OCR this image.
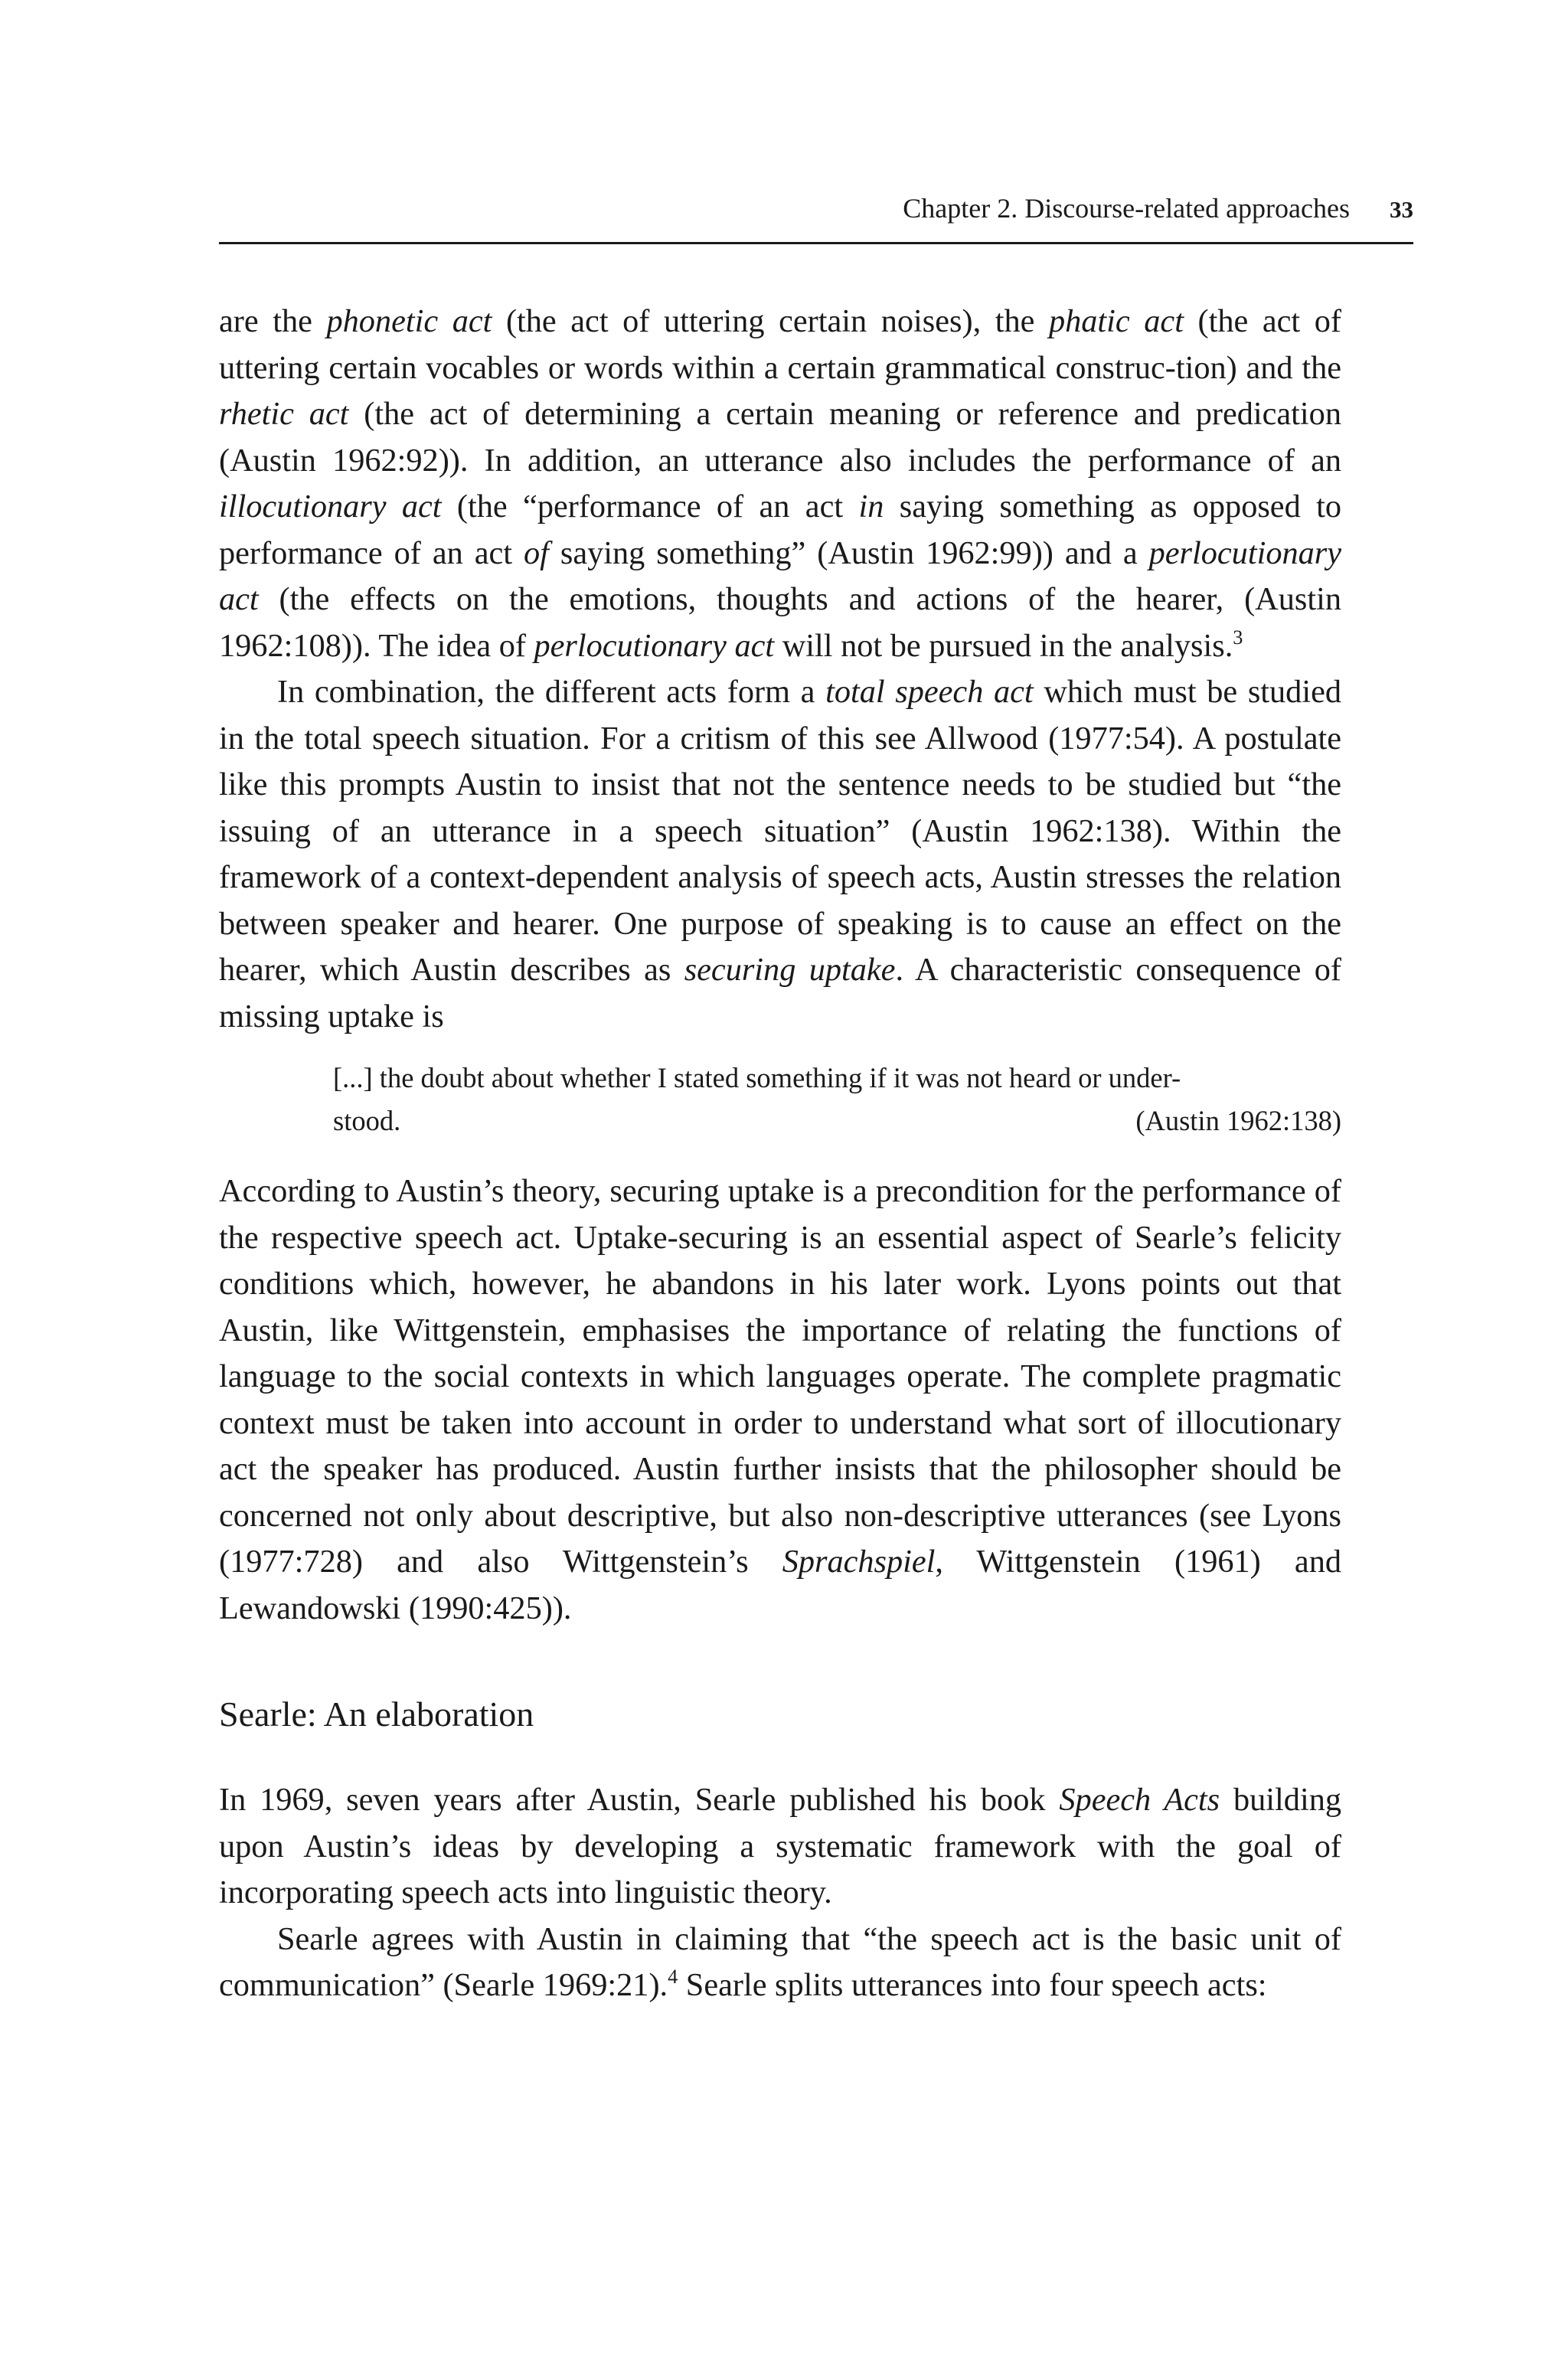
Chapter 2. Discourse-related approaches 33

are the phonetic act (the act of uttering certain noises), the phatic act (the act of uttering certain vocables or words within a certain grammatical construc-tion) and the rhetic act (the act of determining a certain meaning or reference and predication (Austin 1962:92)). In addition, an utterance also includes the performance of an illocutionary act (the “performance of an act in saying something as opposed to performance of an act of saying something” (Austin 1962:99)) and a perlocutionary act (the effects on the emotions, thoughts and actions of the hearer, (Austin 1962:108)). The idea of perlocutionary act will not be pursued in the analysis.$^3$

In combination, the different acts form a total speech act which must be studied in the total speech situation. For a critism of this see Allwood (1977:54). A postulate like this prompts Austin to insist that not the sentence needs to be studied but “the issuing of an utterance in a speech situation” (Austin 1962:138). Within the framework of a context-dependent analysis of speech acts, Austin stresses the relation between speaker and hearer. One purpose of speaking is to cause an effect on the hearer, which Austin describes as securing uptake. A characteristic consequence of missing uptake is

[...] the doubt about whether I stated something if it was not heard or under-
stood.	(Austin 1962:138)

According to Austin’s theory, securing uptake is a precondition for the performance of the respective speech act. Uptake-securing is an essential aspect of Searle’s felicity conditions which, however, he abandons in his later work. Lyons points out that Austin, like Wittgenstein, emphasises the importance of relating the functions of language to the social contexts in which languages operate. The complete pragmatic context must be taken into account in order to understand what sort of illocutionary act the speaker has produced. Austin further insists that the philosopher should be concerned not only about descriptive, but also non-descriptive utterances (see Lyons (1977:728) and also Wittgenstein’s Sprachspiel, Wittgenstein (1961) and Lewandowski (1990:425)).

Searle: An elaboration

In 1969, seven years after Austin, Searle published his book Speech Acts building upon Austin’s ideas by developing a systematic framework with the goal of incorporating speech acts into linguistic theory.

Searle agrees with Austin in claiming that “the speech act is the basic unit of communication” (Searle 1969:21).$^4$ Searle splits utterances into four speech acts:
